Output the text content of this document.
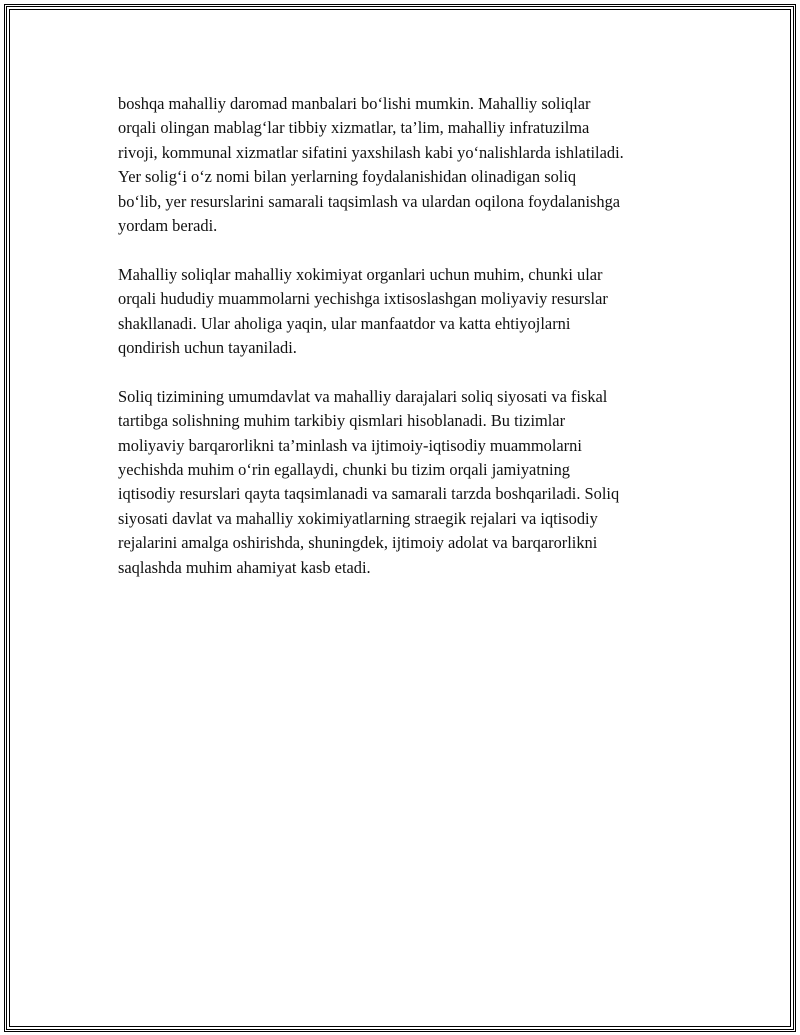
boshqa mahalliy daromad manbalari bo‘lishi mumkin. Mahalliy soliqlar
orqali olingan mablag‘lar tibbiy xizmatlar, ta’lim, mahalliy infratuzilma
rivoji, kommunal xizmatlar sifatini yaxshilash kabi yo‘nalishlarda ishlatiladi.
Yer solig‘i o‘z nomi bilan yerlarning foydalanishidan olinadigan soliq
bo‘lib, yer resurslarini samarali taqsimlash va ulardan oqilona foydalanishga
yordam beradi.

Mahalliy soliqlar mahalliy xokimiyat organlari uchun muhim, chunki ular
orqali hududiy muammolarni yechishga ixtisoslashgan moliyaviy resurslar
shakllanadi. Ular aholiga yaqin, ular manfaatdor va katta ehtiyojlarni
qondirish uchun tayaniladi.

Soliq tizimining umumdavlat va mahalliy darajalari soliq siyosati va fiskal
tartibga solishning muhim tarkibiy qismlari hisoblanadi. Bu tizimlar
moliyaviy barqarorlikni ta’minlash va ijtimoiy-iqtisodiy muammolarni
yechishda muhim o‘rin egallaydi, chunki bu tizim orqali jamiyatning
iqtisodiy resurslari qayta taqsimlanadi va samarali tarzda boshqariladi. Soliq
siyosati davlat va mahalliy xokimiyatlarning straegik rejalari va iqtisodiy
rejalarini amalga oshirishda, shuningdek, ijtimoiy adolat va barqarorlikni
saqlashda muhim ahamiyat kasb etadi.
